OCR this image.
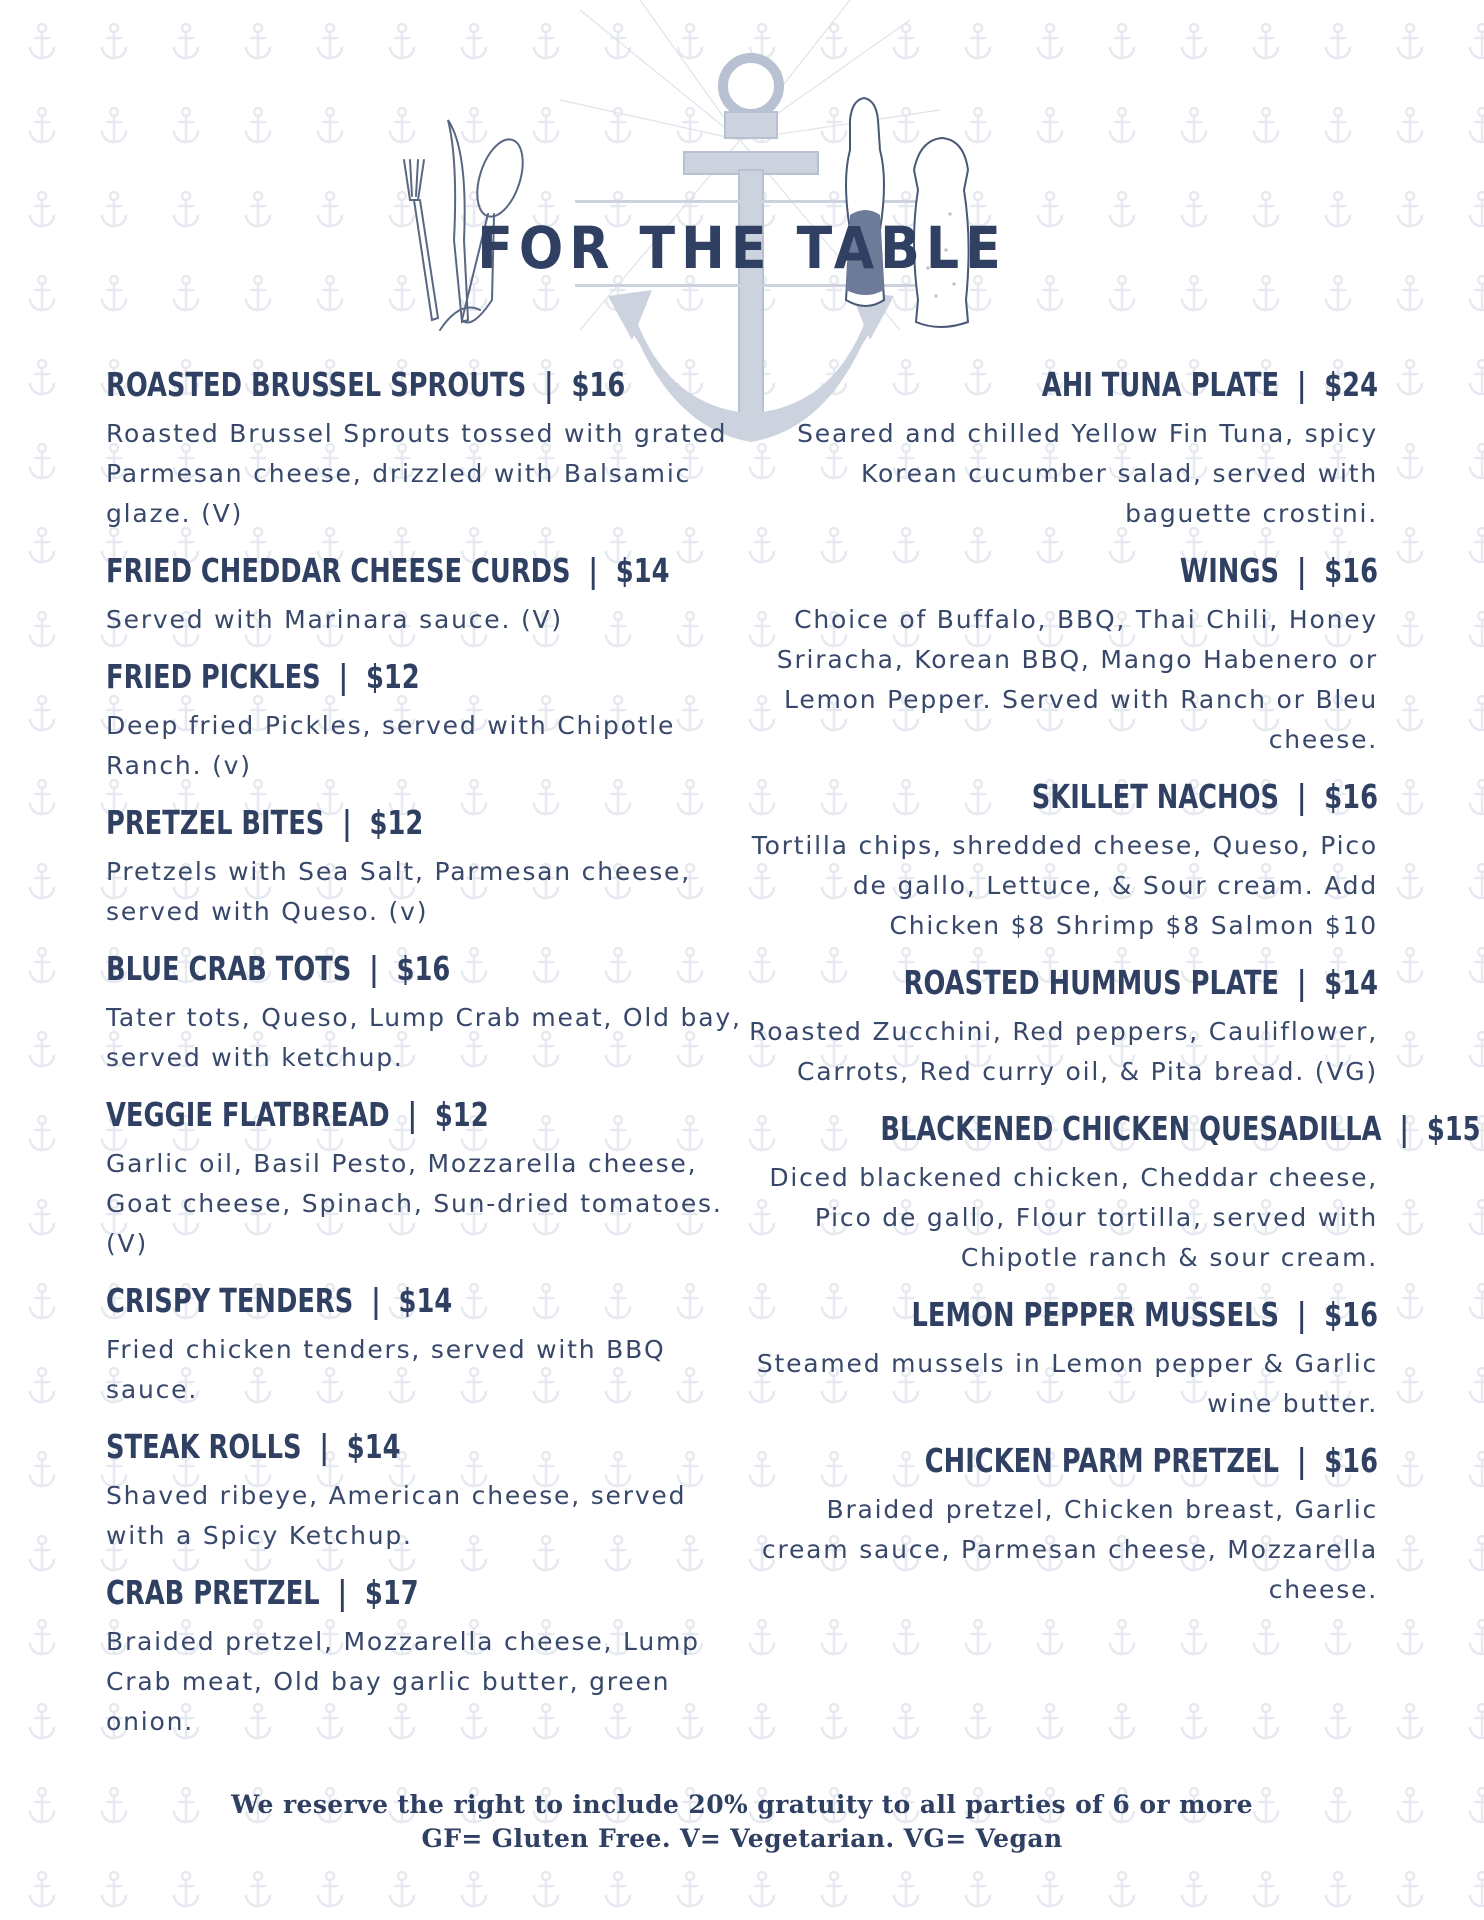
FOR THE TABLE
ROASTED BRUSSEL SPROUTS  |  $16
Roasted Brussel Sprouts tossed with grated Parmesan cheese, drizzled with Balsamic glaze. (V)
FRIED CHEDDAR CHEESE CURDS  |  $14
Served with Marinara sauce. (V)
FRIED PICKLES  |  $12
Deep fried Pickles, served with Chipotle Ranch. (v)
PRETZEL BITES  |  $12
Pretzels with Sea Salt, Parmesan cheese, served with Queso. (v)
BLUE CRAB TOTS  |  $16
Tater tots, Queso, Lump Crab meat, Old bay, served with ketchup.
VEGGIE FLATBREAD  |  $12
Garlic oil, Basil Pesto, Mozzarella cheese, Goat cheese, Spinach, Sun-dried tomatoes. (V)
CRISPY TENDERS  |  $14
Fried chicken tenders, served with BBQ sauce.
STEAK ROLLS  |  $14
Shaved ribeye, American cheese, served with a Spicy Ketchup.
CRAB PRETZEL  |  $17
Braided pretzel, Mozzarella cheese, Lump Crab meat, Old bay garlic butter, green onion.
AHI TUNA PLATE  |  $24
Seared and chilled Yellow Fin Tuna, spicy Korean cucumber salad, served with baguette crostini.
WINGS  |  $16
Choice of Buffalo, BBQ, Thai Chili, Honey Sriracha, Korean BBQ, Mango Habenero or Lemon Pepper. Served with Ranch or Bleu cheese.
SKILLET NACHOS  |  $16
Tortilla chips, shredded cheese, Queso, Pico de gallo, Lettuce, & Sour cream. Add Chicken $8 Shrimp $8 Salmon $10
ROASTED HUMMUS PLATE  |  $14
Roasted Zucchini, Red peppers, Cauliflower, Carrots, Red curry oil, & Pita bread. (VG)
BLACKENED CHICKEN QUESADILLA  |  $15
Diced blackened chicken, Cheddar cheese, Pico de gallo, Flour tortilla, served with Chipotle ranch & sour cream.
LEMON PEPPER MUSSELS  |  $16
Steamed mussels in Lemon pepper & Garlic wine butter.
CHICKEN PARM PRETZEL  |  $16
Braided pretzel, Chicken breast, Garlic cream sauce, Parmesan cheese, Mozzarella cheese.
We reserve the right to include 20% gratuity to all parties of 6 or more
GF= Gluten Free. V= Vegetarian. VG= Vegan
